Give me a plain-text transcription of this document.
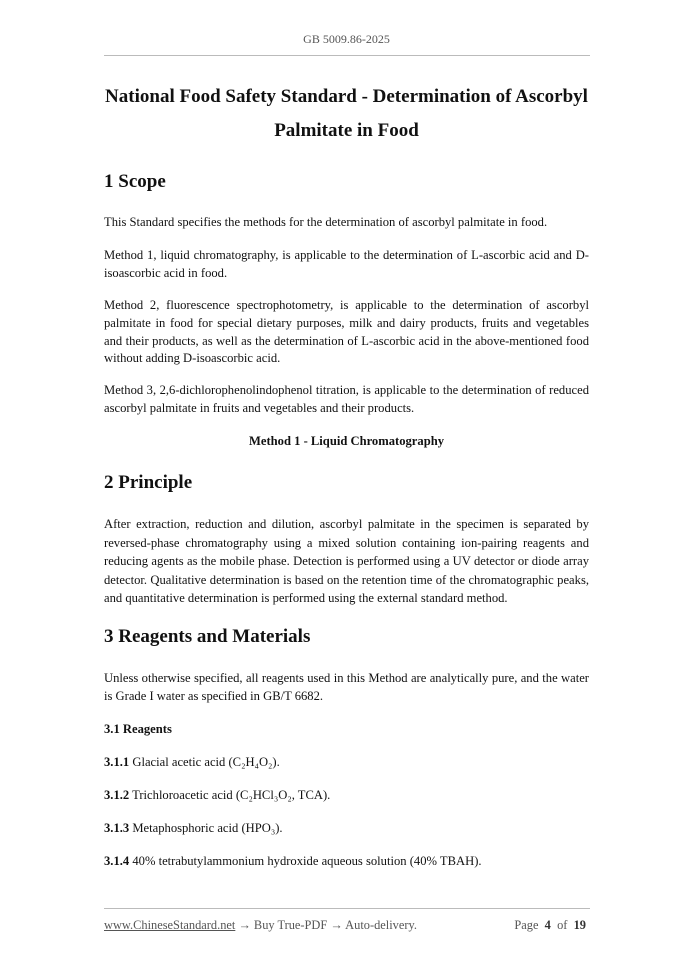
GB 5009.86-2025
National Food Safety Standard - Determination of Ascorbyl Palmitate in Food
1 Scope

This Standard specifies the methods for the determination of ascorbyl palmitate in food.

Method 1, liquid chromatography, is applicable to the determination of L-ascorbic acid and D-isoascorbic acid in food.

Method 2, fluorescence spectrophotometry, is applicable to the determination of ascorbyl palmitate in food for special dietary purposes, milk and dairy products, fruits and vegetables and their products, as well as the determination of L-ascorbic acid in the above-mentioned food without adding D-isoascorbic acid.

Method 3, 2,6-dichlorophenolindophenol titration, is applicable to the determination of reduced ascorbyl palmitate in fruits and vegetables and their products.

Method 1 - Liquid Chromatography

2 Principle

After extraction, reduction and dilution, ascorbyl palmitate in the specimen is separated by reversed-phase chromatography using a mixed solution containing ion-pairing reagents and reducing agents as the mobile phase. Detection is performed using a UV detector or diode array detector. Qualitative determination is based on the retention time of the chromatographic peaks, and quantitative determination is performed using the external standard method.

3 Reagents and Materials

Unless otherwise specified, all reagents used in this Method are analytically pure, and the water is Grade I water as specified in GB/T 6682.

3.1 Reagents

3.1.1 Glacial acetic acid (C₂H₄O₂).

3.1.2 Trichloroacetic acid (C₂HCl₃O₂, TCA).

3.1.3 Metaphosphoric acid (HPO₃).

3.1.4 40% tetrabutylammonium hydroxide aqueous solution (40% TBAH).

www.ChineseStandard.net → Buy True-PDF → Auto-delivery.	Page 4 of 19
